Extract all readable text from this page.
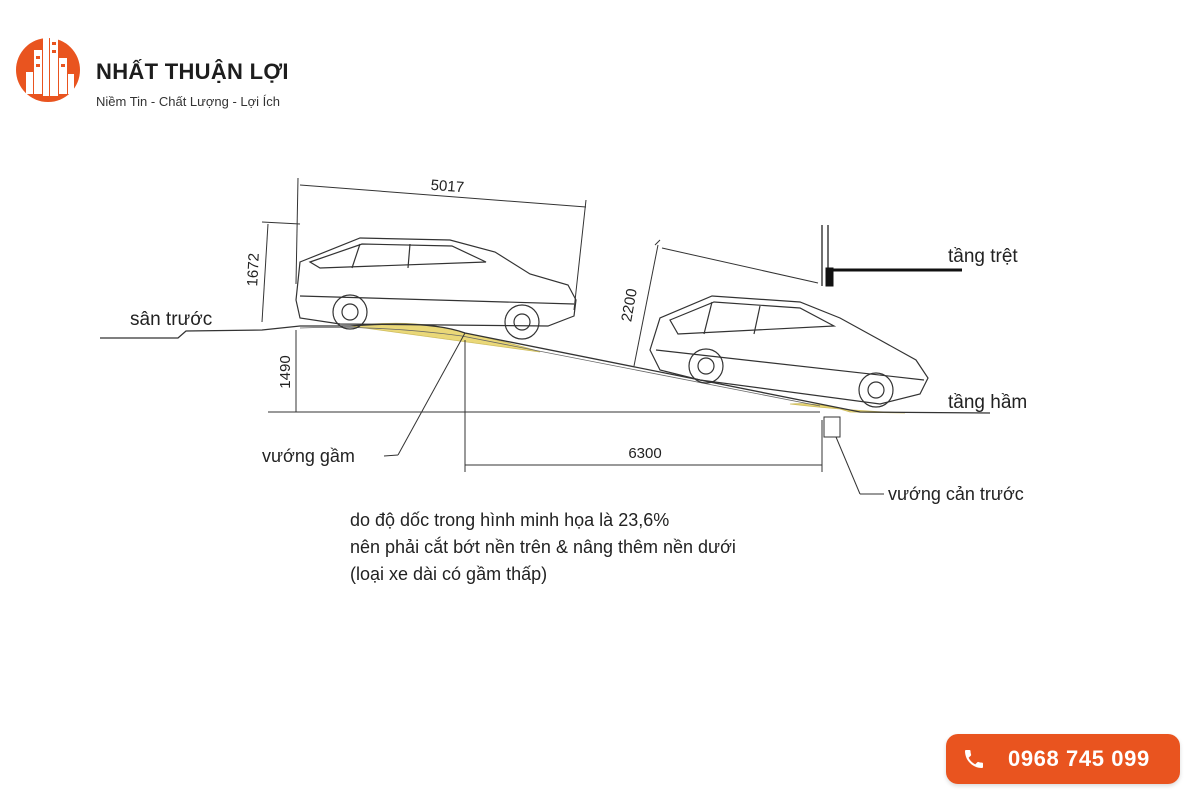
NHẤT THUẬN LỢI
Niềm Tin - Chất Lượng - Lợi Ích
5017
1672
2200
1490
6300
sân trước
tầng trệt
tầng hầm
vướng gầm
vướng cản trước
do độ dốc trong hình minh họa là 23,6%
nên phải cắt bớt nền trên & nâng thêm nền dưới
(loại xe dài có gầm thấp)
0968 745 099
